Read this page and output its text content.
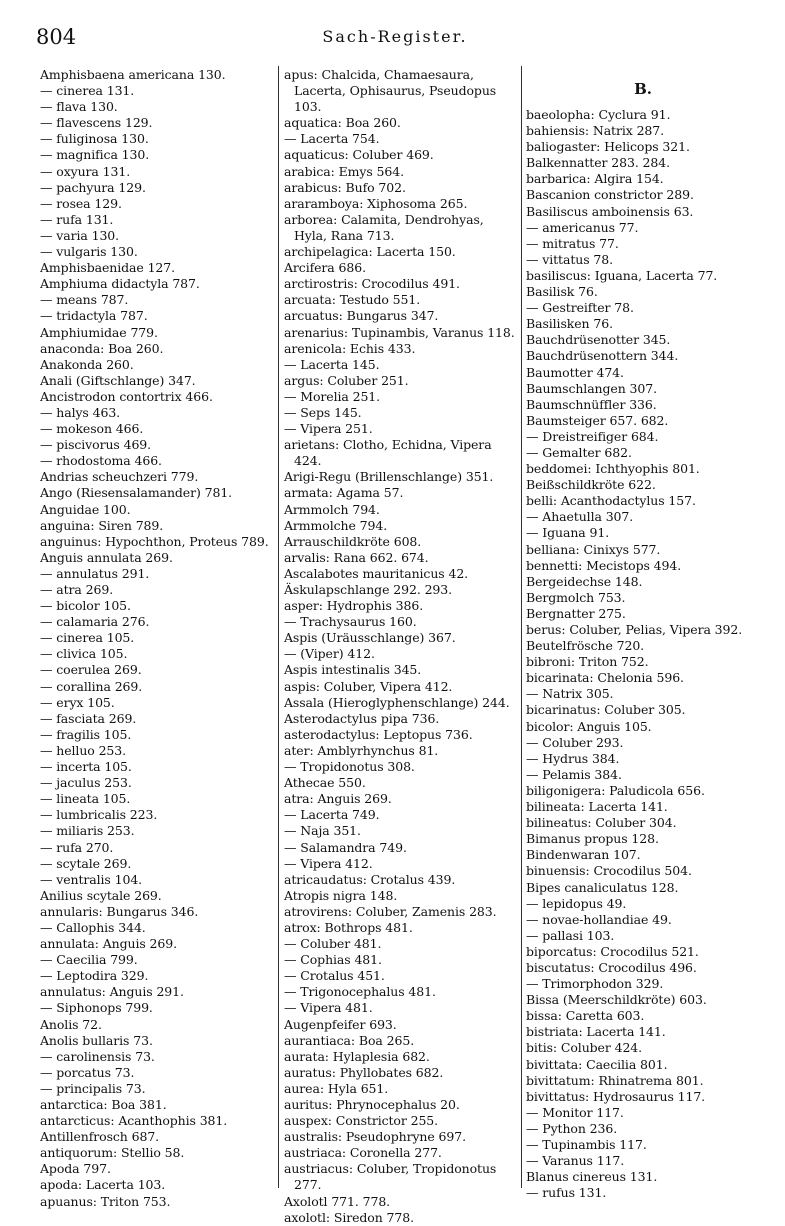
804	Sach-Register.
Amphisbaena americana 130.
— cinerea 131.
— flava 130.
— flavescens 129.
— fuliginosa 130.
— magnifica 130.
— oxyura 131.
— pachyura 129.
— rosea 129.
— rufa 131.
— varia 130.
— vulgaris 130.
Amphisbaenidae 127.
Amphiuma didactyla 787.
— means 787.
— tridactyla 787.
Amphiumidae 779.
anaconda: Boa 260.
Anakonda 260.
Anali (Giftschlange) 347.
Ancistrodon contortrix 466.
— halys 463.
— mokeson 466.
— piscivorus 469.
— rhodostoma 466.
Andrias scheuchzeri 779.
Ango (Riesensalamander) 781.
Anguidae 100.
anguina: Siren 789.
anguinus: Hypochthon, Proteus 789.
Anguis annulata 269.
— annulatus 291.
— atra 269.
— bicolor 105.
— calamaria 276.
— cinerea 105.
— clivica 105.
— coerulea 269.
— corallina 269.
— eryx 105.
— fasciata 269.
— fragilis 105.
— helluo 253.
— incerta 105.
— jaculus 253.
— lineata 105.
— lumbricalis 223.
— miliaris 253.
— rufa 270.
— scytale 269.
— ventralis 104.
Anilius scytale 269.
annularis: Bungarus 346.
— Callophis 344.
annulata: Anguis 269.
— Caecilia 799.
— Leptodira 329.
annulatus: Anguis 291.
— Siphonops 799.
Anolis 72.
Anolis bullaris 73.
— carolinensis 73.
— porcatus 73.
— principalis 73.
antarctica: Boa 381.
antarcticus: Acanthophis 381.
Antillenfrosch 687.
antiquorum: Stellio 58.
Apoda 797.
apoda: Lacerta 103.
apuanus: Triton 753.
apus: Chalcida, Chamaesaura, Lacerta, Ophisaurus, Pseudopus 103.
aquatica: Boa 260.
— Lacerta 754.
aquaticus: Coluber 469.
arabica: Emys 564.
arabicus: Bufo 702.
araramboya: Xiphosoma 265.
arborea: Calamita, Dendrohyas, Hyla, Rana 713.
archipelagica: Lacerta 150.
Arcifera 686.
arctirostris: Crocodilus 491.
arcuata: Testudo 551.
arcuatus: Bungarus 347.
arenarius: Tupinambis, Varanus 118.
arenicola: Echis 433.
— Lacerta 145.
argus: Coluber 251.
— Morelia 251.
— Seps 145.
— Vipera 251.
arietans: Clotho, Echidna, Vipera 424.
Arigi-Regu (Brillenschlange) 351.
armata: Agama 57.
Armmolch 794.
Armmolche 794.
Arrauschildkröte 608.
arvalis: Rana 662. 674.
Ascalabotes mauritanicus 42.
Äskulapschlange 292. 293.
asper: Hydrophis 386.
— Trachysaurus 160.
Aspis (Uräusschlange) 367.
— (Viper) 412.
Aspis intestinalis 345.
aspis: Coluber, Vipera 412.
Assala (Hieroglyphenschlange) 244.
Asterodactylus pipa 736.
asterodactylus: Leptopus 736.
ater: Amblyrhynchus 81.
— Tropidonotus 308.
Athecae 550.
atra: Anguis 269.
— Lacerta 749.
— Naja 351.
— Salamandra 749.
— Vipera 412.
atricaudatus: Crotalus 439.
Atropis nigra 148.
atrovirens: Coluber, Zamenis 283.
atrox: Bothrops 481.
— Coluber 481.
— Cophias 481.
— Crotalus 451.
— Trigonocephalus 481.
— Vipera 481.
Augenpfeifer 693.
aurantiaca: Boa 265.
aurata: Hylaplesia 682.
auratus: Phyllobates 682.
aurea: Hyla 651.
auritus: Phrynocephalus 20.
auspex: Constrictor 255.
australis: Pseudophryne 697.
austriaca: Coronella 277.
austriacus: Coluber, Tropidonotus 277.
Axolotl 771. 778.
axolotl: Siredon 778.
B.
baeolopha: Cyclura 91.
bahiensis: Natrix 287.
baliogaster: Helicops 321.
Balkennatter 283. 284.
barbarica: Algira 154.
Bascanion constrictor 289.
Basiliscus amboinensis 63.
— americanus 77.
— mitratus 77.
— vittatus 78.
basiliscus: Iguana, Lacerta 77.
Basilisk 76.
— Gestreifter 78.
Basilisken 76.
Bauchdrüsenotter 345.
Bauchdrüsenottern 344.
Baumotter 474.
Baumschlangen 307.
Baumschnüffler 336.
Baumsteiger 657. 682.
— Dreistreifiger 684.
— Gemalter 682.
beddomei: Ichthyophis 801.
Beißschildkröte 622.
belli: Acanthodactylus 157.
— Ahaetulla 307.
— Iguana 91.
belliana: Cinixys 577.
bennetti: Mecistops 494.
Bergeidechse 148.
Bergmolch 753.
Bergnatter 275.
berus: Coluber, Pelias, Vipera 392.
Beutelfrösche 720.
bibroni: Triton 752.
bicarinata: Chelonia 596.
— Natrix 305.
bicarinatus: Coluber 305.
bicolor: Anguis 105.
— Coluber 293.
— Hydrus 384.
— Pelamis 384.
biligonigera: Paludicola 656.
bilineata: Lacerta 141.
bilineatus: Coluber 304.
Bimanus propus 128.
Bindenwaran 107.
binuensis: Crocodilus 504.
Bipes canaliculatus 128.
— lepidopus 49.
— novae-hollandiae 49.
— pallasi 103.
biporcatus: Crocodilus 521.
biscutatus: Crocodilus 496.
— Trimorphodon 329.
Bissa (Meerschildkröte) 603.
bissa: Caretta 603.
bistriata: Lacerta 141.
bitis: Coluber 424.
bivittata: Caecilia 801.
bivittatum: Rhinatrema 801.
bivittatus: Hydrosaurus 117.
— Monitor 117.
— Python 236.
— Tupinambis 117.
— Varanus 117.
Blanus cinereus 131.
— rufus 131.
